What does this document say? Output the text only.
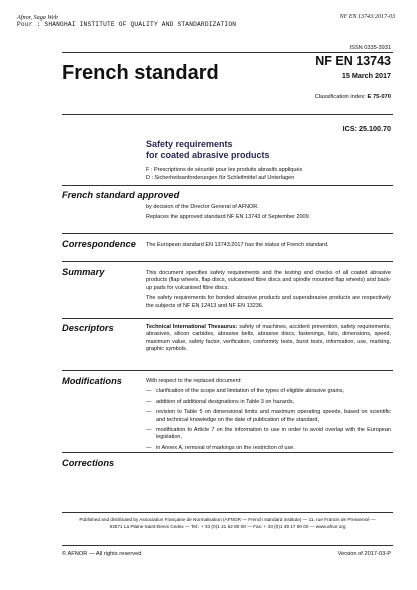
Afnor, Saga Web
Pour : SHANGHAI INSTITUTE OF QUALITY AND STANDARDIZATION
NF EN 13743:2017-03
ISSN 0335-3931
French standard
NF EN 13743
15 March 2017
Classification index: E 75-070
ICS: 25.100.70
Safety requirements
for coated abrasive products
F : Prescriptions de sécurité pour les produits abrasifs appliqués
D : Sicherheitsanforderungen für Schleifmittel auf Unterlagen
French standard approved

by decision of the Director General of AFNOR.

Replaces the approved standard NF EN 13743 of September 2009.

Correspondence The European standard EN 13743:2017 has the status of French standard.

Summary	This document specifies safety requirements and the testing and checks of all coated abrasive products (flap wheels, flap discs, vulcanised fibre discs and spindle mounted flap wheels) and back-up pads for vulcanised fibre discs.

The safety requirements for bonded abrasive products and superabrasive products are respectively the subjects of NF EN 12413 and NF EN 13236.

Descriptors	Technical International Thesaurus: safety of machines, accident prevention, safety requirements, abrasives, silicon carbides, abrasive belts, abrasive discs, fastenings, lists, dimensions, speed, maximum value, safety factor, verification, conformity tests, burst tests, information, use, marking, graphic symbols.

Modifications	With respect to the replaced document:

— clarification of the scope and limitation of the types of eligible abrasive grains,

— addition of additional designations in Table 3 on hazards,

— revision to Table 5 on dimensional limits and maximum operating speeds, based on scientific and technical knowledge on the date of publication of the standard,

— modification to Article 7 on the information to use in order to avoid overlap with the European legislation,

— in Annex A, removal of markings on the restriction of use.

Corrections
Published and distributed by Association Française de Normalisation (AFNOR — French standard institute) — 11, rue Francis de Pressensé —
93571 La Plaine Saint-Denis Cedex — Tel.: + 33 (0)1 41 62 80 00 — Fax: + 33 (0)1 49 17 90 00 — www.afnor.org
© AFNOR — All rights reserved	Version of 2017-03-P
